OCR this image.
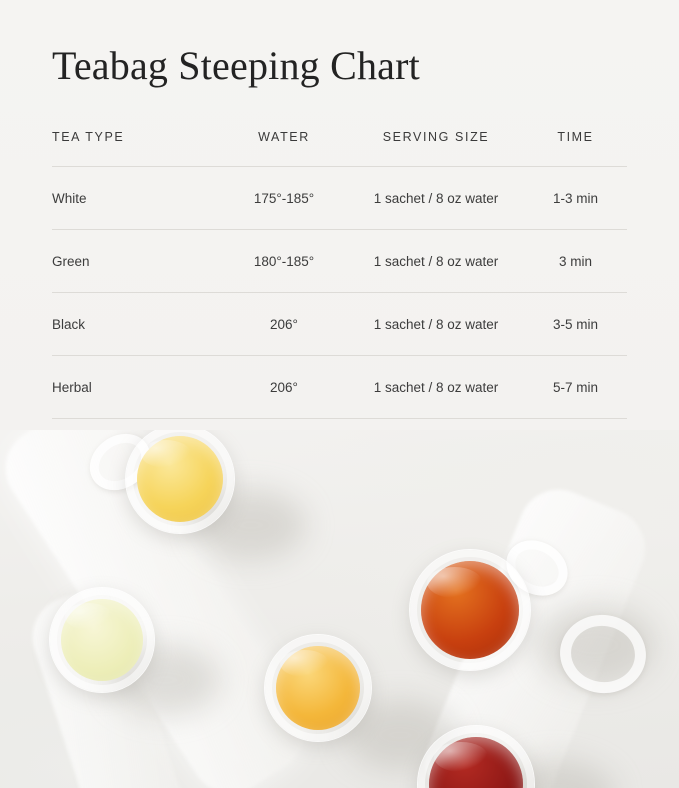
Teabag Steeping Chart
TEA TYPE	WATER	SERVING SIZE	TIME
White	175°-185°	1 sachet / 8 oz water	1-3 min
Green	180°-185°	1 sachet / 8 oz water	3 min
Black	206°	1 sachet / 8 oz water	3-5 min
Herbal	206°	1 sachet / 8 oz water	5-7 min
